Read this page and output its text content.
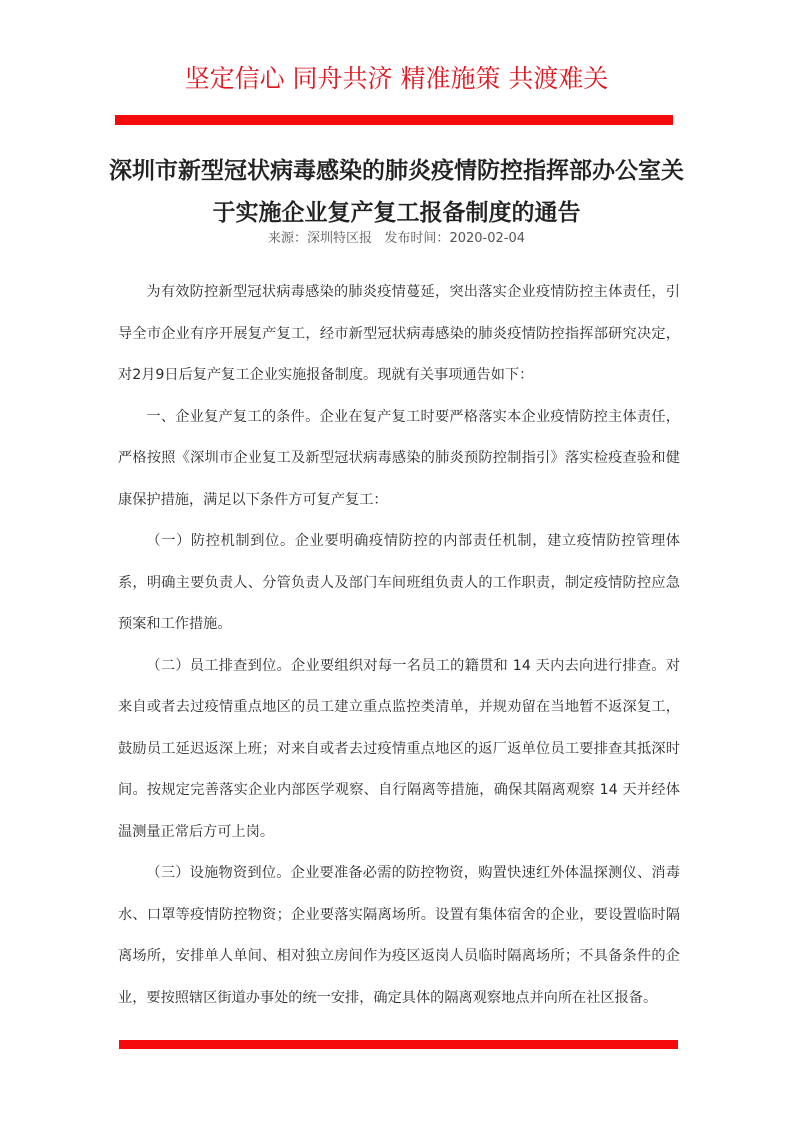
坚定信心 同舟共济 精准施策 共渡难关
深圳市新型冠状病毒感染的肺炎疫情防控指挥部办公室关于实施企业复产复工报备制度的通告
来源：深圳特区报 发布时间：2020-02-04

为有效防控新型冠状病毒感染的肺炎疫情蔓延，突出落实企业疫情防控主体责任，引导全市企业有序开展复产复工，经市新型冠状病毒感染的肺炎疫情防控指挥部研究决定，对2月9日后复产复工企业实施报备制度。现就有关事项通告如下：

一、企业复产复工的条件。企业在复产复工时要严格落实本企业疫情防控主体责任，严格按照《深圳市企业复工及新型冠状病毒感染的肺炎预防控制指引》落实检疫查验和健康保护措施，满足以下条件方可复产复工：

（一）防控机制到位。企业要明确疫情防控的内部责任机制，建立疫情防控管理体系，明确主要负责人、分管负责人及部门车间班组负责人的工作职责，制定疫情防控应急预案和工作措施。

（二）员工排查到位。企业要组织对每一名员工的籍贯和 14 天内去向进行排查。对来自或者去过疫情重点地区的员工建立重点监控类清单，并规劝留在当地暂不返深复工，鼓励员工延迟返深上班；对来自或者去过疫情重点地区的返厂返单位员工要排查其抵深时间。按规定完善落实企业内部医学观察、自行隔离等措施，确保其隔离观察 14 天并经体温测量正常后方可上岗。

（三）设施物资到位。企业要准备必需的防控物资，购置快速红外体温探测仪、消毒水、口罩等疫情防控物资；企业要落实隔离场所。设置有集体宿舍的企业，要设置临时隔离场所，安排单人单间、相对独立房间作为疫区返岗人员临时隔离场所；不具备条件的企业，要按照辖区街道办事处的统一安排，确定具体的隔离观察地点并向所在社区报备。
